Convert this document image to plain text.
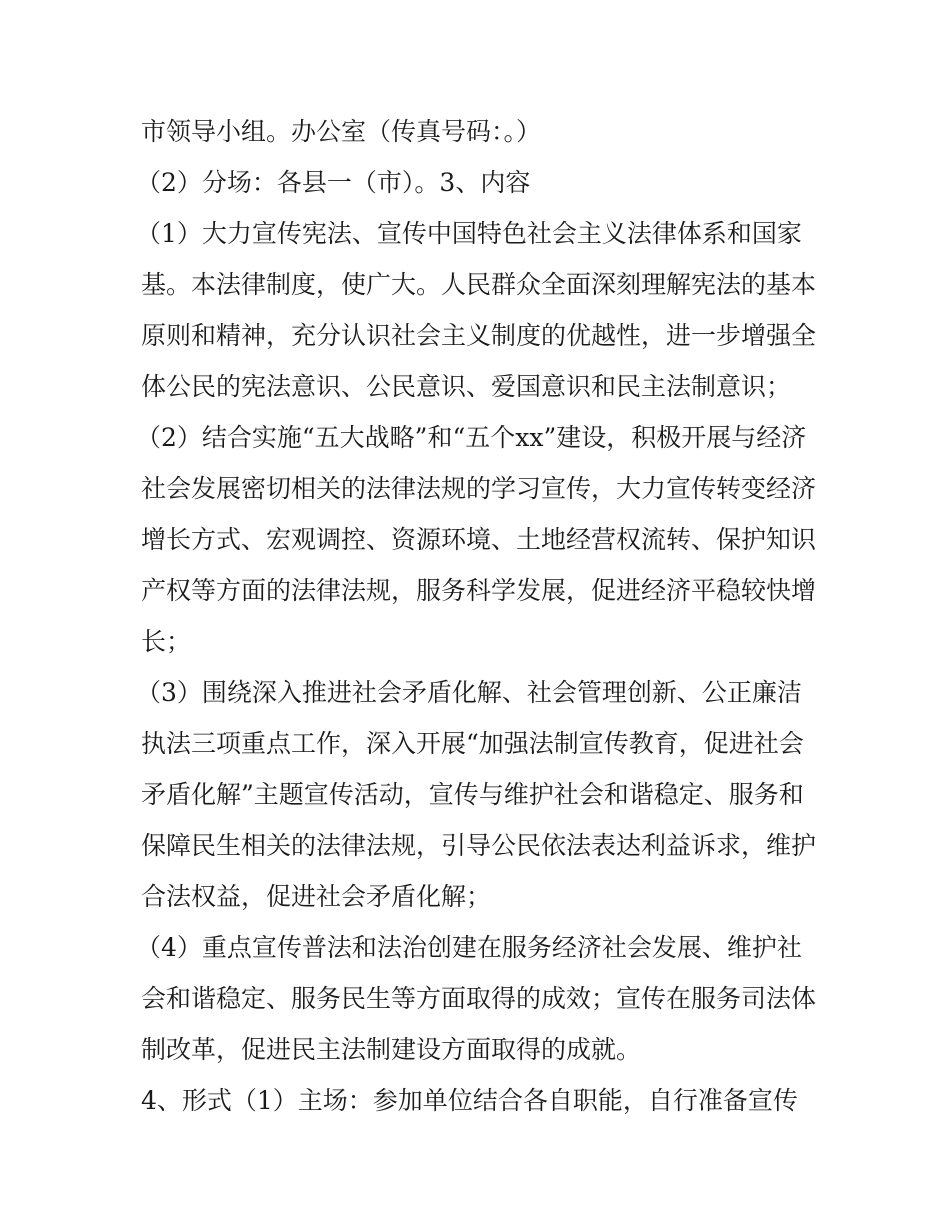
市领导小组。办公室（传真号码：。）
（2）分场：各县一（市）。3、内容
（1）大力宣传宪法、宣传中国特色社会主义法律体系和国家
基。本法律制度，使广大。人民群众全面深刻理解宪法的基本
原则和精神，充分认识社会主义制度的优越性，进一步增强全
体公民的宪法意识、公民意识、爱国意识和民主法制意识；
（2）结合实施“五大战略”和“五个xx”建设，积极开展与经济
社会发展密切相关的法律法规的学习宣传，大力宣传转变经济
增长方式、宏观调控、资源环境、土地经营权流转、保护知识
产权等方面的法律法规，服务科学发展，促进经济平稳较快增
长；
（3）围绕深入推进社会矛盾化解、社会管理创新、公正廉洁
执法三项重点工作，深入开展“加强法制宣传教育，促进社会
矛盾化解”主题宣传活动，宣传与维护社会和谐稳定、服务和
保障民生相关的法律法规，引导公民依法表达利益诉求，维护
合法权益，促进社会矛盾化解；
（4）重点宣传普法和法治创建在服务经济社会发展、维护社
会和谐稳定、服务民生等方面取得的成效；宣传在服务司法体
制改革，促进民主法制建设方面取得的成就。
4、形式（1）主场：参加单位结合各自职能，自行准备宣传
